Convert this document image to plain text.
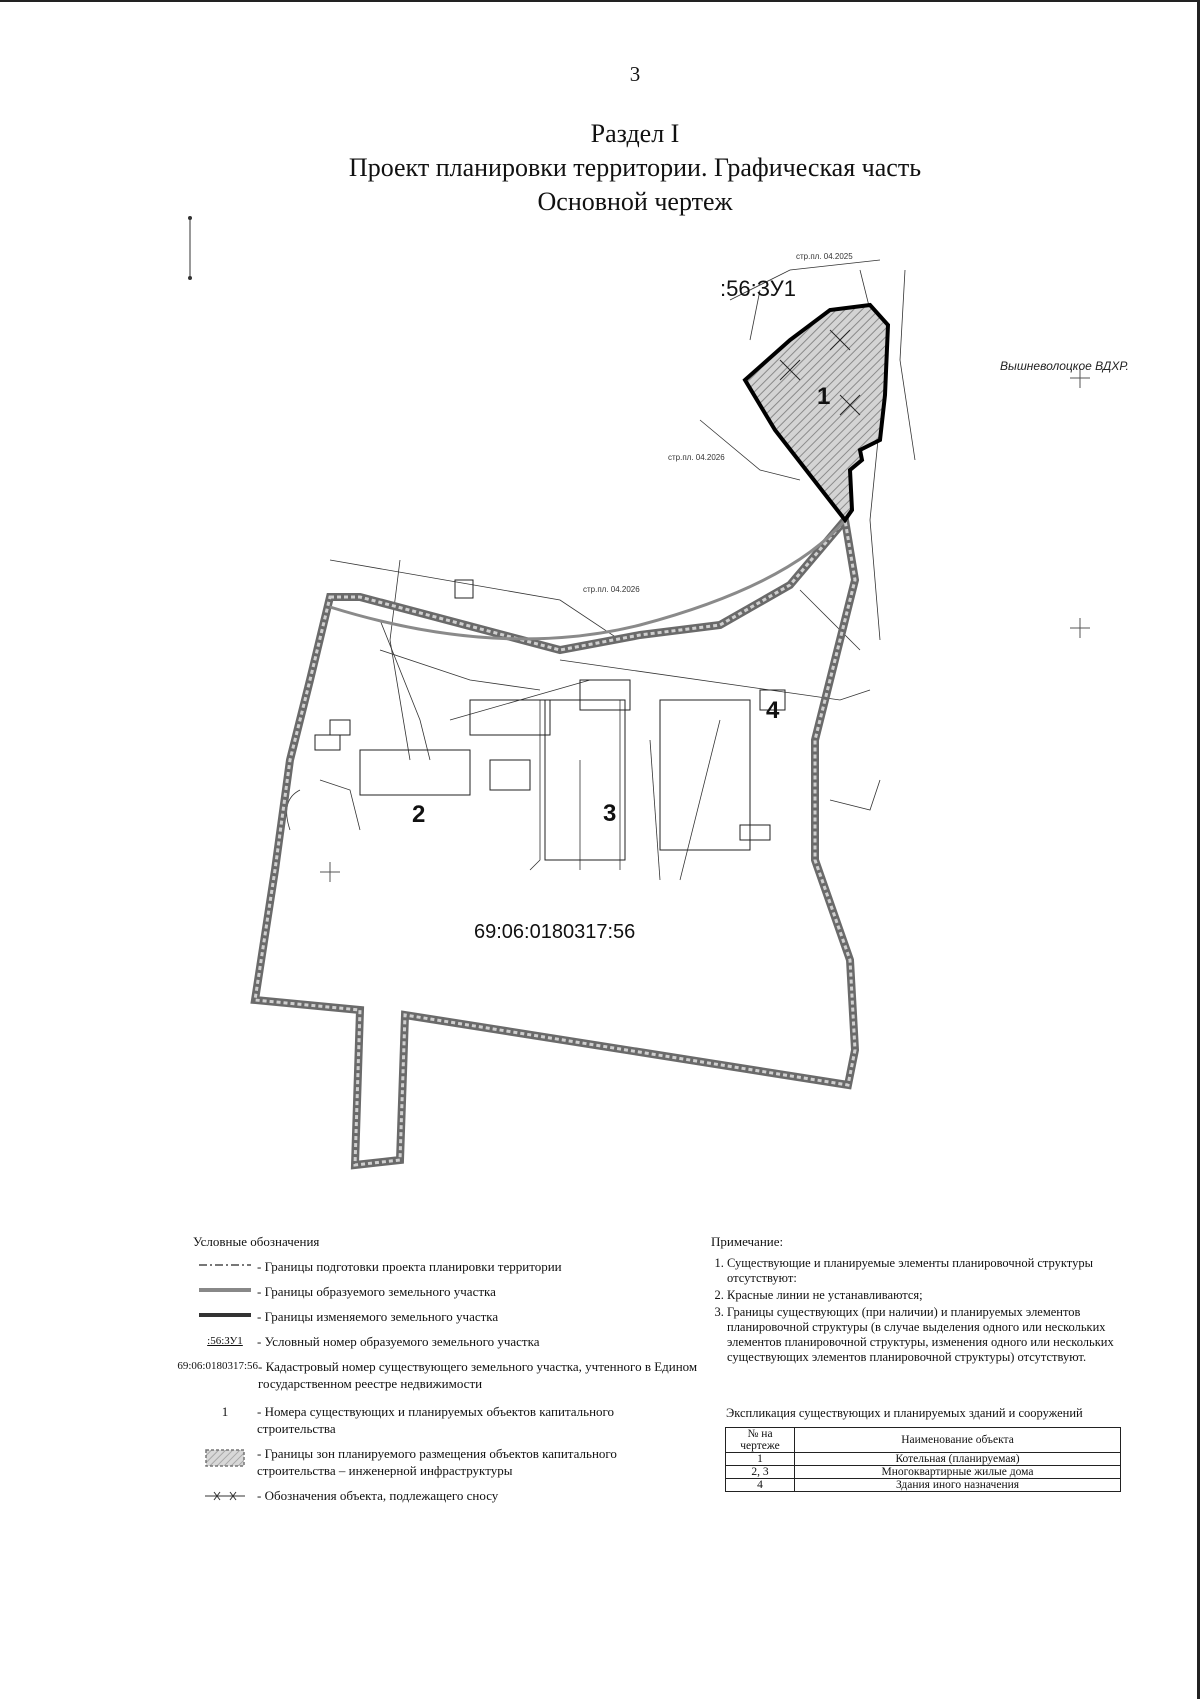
3
Раздел I
Проект планировки территории. Графическая часть
Основной чертеж
:56:ЗУ1
Вышневолоцкое ВДХР.
стр.пл. 04.2025
стр.пл. 04.2026
стр.пл. 04.2026
69:06:0180317:56
1
2	3
4
Условные обозначения
- Границы подготовки проекта планировки территории
- Границы образуемого земельного участка
- Границы изменяемого земельного участка
:56:ЗУ1	- Условный номер образуемого земельного участка
69:06:0180317:56 - Кадастровый номер существующего земельного участка, учтенного в Едином государственном реестре недвижимости
1	- Номера существующих и планируемых объектов капитального строительства
- Границы зон планируемого размещения объектов капитального строительства – инженерной инфраструктуры
- Обозначения объекта, подлежащего сносу
Примечание:
1. Существующие и планируемые элементы планировочной структуры отсутствуют:
2. Красные линии не устанавливаются;
3. Границы существующих (при наличии) и планируемых элементов планировочной структуры (в случае выделения одного или нескольких элементов планировочной структуры, изменения одного или нескольких существующих элементов планировочной структуры) отсутствуют.
Экспликация существующих и планируемых зданий и сооружений
№ на чертеже	Наименование объекта
1	Котельная (планируемая)
2, 3	Многоквартирные жилые дома
4	Здания иного назначения
